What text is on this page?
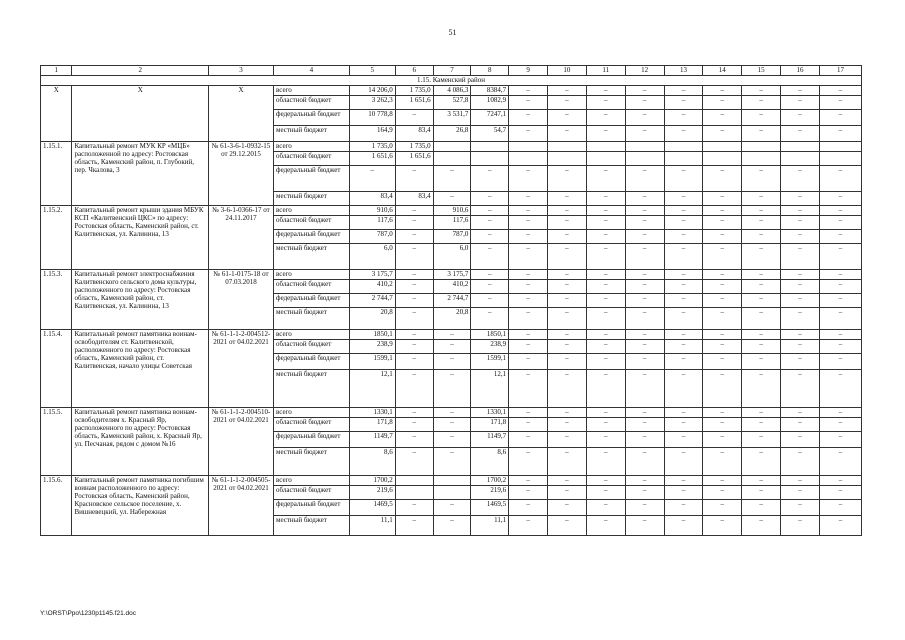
51
1	2	3	4	5	6	7	8	9	10	11	12	13	14	15	16	17
1.15. Каменский район																
X	Х	Х	всего	14 206,0	1 735,0	4 086,3	8384,7	–	–	–	–	–	–	–	–	–
			областной бюджет	3 262,3	1 651,6	527,8	1082,9	–	–	–	–	–	–	–	–	–
			федеральный бюджет	10 778,8	–	3 531,7	7247,1	–	–	–	–	–	–	–	–	–
			местный бюджет	164,9	83,4	26,8	54,7	–	–	–	–	–	–	–	–	–
1.15.1.	Капитальный ремонт МУК КР «МЦБ» расположенной по адресу: Ростовская область, Каменский район, п. Глубокий, пер. Чкалова, 3	№ 61-3-6-1-0932-15 от 29.12.2015	всего	1 735,0	1 735,0											
			областной бюджет	1 651,6	1 651,6											
			федеральный бюджет	–	–	–	–	–	–	–	–	–	–	–	–	–
			местный бюджет	83,4	83,4	–	–	–	–	–	–	–	–	–	–	–
1.15.2.	Капитальный ремонт крыши здания МБУК КСП «Калитвенский ЦКС» по адресу: Ростовская область, Каменский район, ст. Калитвенская, ул. Калинина, 13	№ 3-6-1-0366-17 от 24.11.2017	всего	910,6	–	910,6	–	–	–	–	–	–	–	–	–	–
			областной бюджет	117,6	–	117,6	–	–	–	–	–	–	–	–	–	–
			федеральный бюджет	787,0	–	787,0	–	–	–	–	–	–	–	–	–	–
			местный бюджет	6,0	–	6,0	–	–	–	–	–	–	–	–	–	–
1.15.3.	Капитальный ремонт электроснабжения Калитвенского сельского дома культуры, расположенного по адресу: Ростовская область, Каменский район, ст. Калитвенская, ул. Калинина, 13	№ 61-1-0175-18 от 07.03.2018	всего	3 175,7	–	3 175,7	–	–	–	–	–	–	–	–	–	–
			областной бюджет	410,2	–	410,2	–	–	–	–	–	–	–	–	–	–
			федеральный бюджет	2 744,7	–	2 744,7	–	–	–	–	–	–	–	–	–	–
			местный бюджет	20,8	–	20,8	–	–	–	–	–	–	–	–	–	–
1.15.4.	Капитальный ремонт памятника воинам-освободителям ст. Калитвенской, расположенного по адресу: Ростовская область, Каменский район, ст. Калитвенская, начало улицы Советская	№ 61-1-1-2-004512-2021 от 04.02.2021	всего	1850,1	–	–	1850,1	–	–	–	–	–	–	–	–	–
			областной бюджет	238,9	–	–	238,9	–	–	–	–	–	–	–	–	–
			федеральный бюджет	1599,1	–	–	1599,1	–	–	–	–	–	–	–	–	–
			местный бюджет	12,1	–	–	12,1	–	–	–	–	–	–	–	–	–
1.15.5.	Капитальный ремонт памятника воинам-освободителям х. Красный Яр, расположенного по адресу: Ростовская область, Каменский район, х. Красный Яр, ул. Песчаная, рядом с домом №16	№ 61-1-1-2-004510-2021 от 04.02.2021	всего	1330,1	–	–	1330,1	–	–	–	–	–	–	–	–	–
			областной бюджет	171,8	–	–	171,8	–	–	–	–	–	–	–	–	–
			федеральный бюджет	1149,7	–	–	1149,7	–	–	–	–	–	–	–	–	–
			местный бюджет	8,6	–	–	8,6	–	–	–	–	–	–	–	–	–
1.15.6.	Капитальный ремонт памятника погибшим воинам расположенного по адресу: Ростовская область, Каменский район, Красновское сельское поселение, х. Вишневецкий, ул. Набережная	№ 61-1-1-2-004505-2021 от 04.02.2021	всего	1700,2			1700,2	–	–	–	–	–	–	–	–	–
			областной бюджет	219,6			219,6	–	–	–	–	–	–	–	–	–
			федеральный бюджет	1469,5	–	–	1469,5	–	–	–	–	–	–	–	–	–
			местный бюджет	11,1	–	–	11,1	–	–	–	–	–	–	–	–	–
Y:\ORST\Ppo\1230p1145.f21.doc
